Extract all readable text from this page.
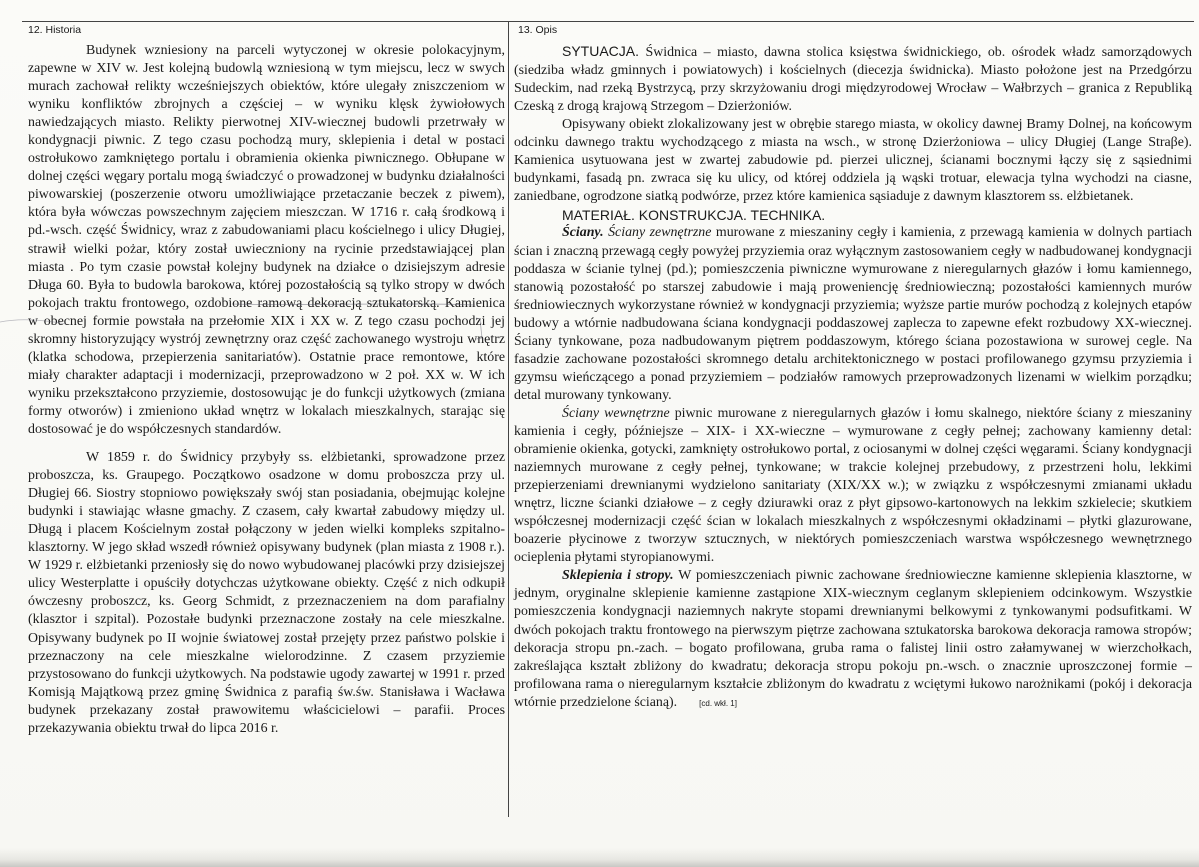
12. Historia

Budynek wzniesiony na parceli wytyczonej w okresie polokacyjnym, zapewne w XIV w. Jest kolejną budowlą wzniesioną w tym miejscu, lecz w swych murach zachował relikty wcześniejszych obiektów, które ulegały zniszczeniom w wyniku konfliktów zbrojnych a częściej – w wyniku klęsk żywiołowych nawiedzających miasto. Relikty pierwotnej XIV-wiecznej budowli przetrwały w kondygnacji piwnic. Z tego czasu pochodzą mury, sklepienia i detal w postaci ostrołukowo zamkniętego portalu i obramienia okienka piwnicznego. Obłupane w dolnej części węgary portalu mogą świadczyć o prowadzonej w budynku działalności piwowarskiej (poszerzenie otworu umożliwiające przetaczanie beczek z piwem), która była wówczas powszechnym zajęciem mieszczan. W 1716 r. całą środkową i pd.-wsch. część Świdnicy, wraz z zabudowaniami placu kościelnego i ulicy Długiej, strawił wielki pożar, który został uwieczniony na rycinie przedstawiającej plan miasta . Po tym czasie powstał kolejny budynek na działce o dzisiejszym adresie Długa 60. Była to budowla barokowa, której pozostałością są tylko stropy w dwóch pokojach traktu frontowego, ozdobione ramową dekoracją sztukatorską. Kamienica w obecnej formie powstała na przełomie XIX i XX w. Z tego czasu pochodzi jej skromny historyzujący wystrój zewnętrzny oraz część zachowanego wystroju wnętrz (klatka schodowa, przepierzenia sanitariatów). Ostatnie prace remontowe, które miały charakter adaptacji i modernizacji, przeprowadzono w 2 poł. XX w. W ich wyniku przekształcono przyziemie, dostosowując je do funkcji użytkowych (zmiana formy otworów) i zmieniono układ wnętrz w lokalach mieszkalnych, starając się dostosować je do współczesnych standardów.

W 1859 r. do Świdnicy przybyły ss. elżbietanki, sprowadzone przez proboszcza, ks. Graupego. Początkowo osadzone w domu proboszcza przy ul. Długiej 66. Siostry stopniowo powiększały swój stan posiadania, obejmując kolejne budynki i stawiając własne gmachy. Z czasem, cały kwartał zabudowy między ul. Długą i placem Kościelnym został połączony w jeden wielki kompleks szpitalno-klasztorny. W jego skład wszedł również opisywany budynek (plan miasta z 1908 r.). W 1929 r. elżbietanki przeniosły się do nowo wybudowanej placówki przy dzisiejszej ulicy Westerplatte i opuściły dotychczas użytkowane obiekty. Część z nich odkupił ówczesny proboszcz, ks. Georg Schmidt, z przeznaczeniem na dom parafialny (klasztor i szpital). Pozostałe budynki przeznaczone zostały na cele mieszkalne. Opisywany budynek po II wojnie światowej został przejęty przez państwo polskie i przeznaczony na cele mieszkalne wielorodzinne. Z czasem przyziemie przystosowano do funkcji użytkowych. Na podstawie ugody zawartej w 1991 r. przed Komisją Majątkową przez gminę Świdnica z parafią św.św. Stanisława i Wacława budynek przekazany został prawowitemu właścicielowi – parafii. Proces przekazywania obiektu trwał do lipca 2016 r.

13. Opis

SYTUACJA. Świdnica – miasto, dawna stolica księstwa świdnickiego, ob. ośrodek władz samorządowych (siedziba władz gminnych i powiatowych) i kościelnych (diecezja świdnicka). Miasto położone jest na Przedgórzu Sudeckim, nad rzeką Bystrzycą, przy skrzyżowaniu drogi międzyrodowej Wrocław – Wałbrzych – granica z Republiką Czeską z drogą krajową Strzegom – Dzierżoniów.

Opisywany obiekt zlokalizowany jest w obrębie starego miasta, w okolicy dawnej Bramy Dolnej, na końcowym odcinku dawnego traktu wychodzącego z miasta na wsch., w stronę Dzierżoniowa – ulicy Długiej (Lange Straβe). Kamienica usytuowana jest w zwartej zabudowie pd. pierzei ulicznej, ścianami bocznymi łączy się z sąsiednimi budynkami, fasadą pn. zwraca się ku ulicy, od której oddziela ją wąski trotuar, elewacja tylna wychodzi na ciasne, zaniedbane, ogrodzone siatką podwórze, przez które kamienica sąsiaduje z dawnym klasztorem ss. elżbietanek.

MATERIAŁ. KONSTRUKCJA. TECHNIKA.

Ściany. Ściany zewnętrzne murowane z mieszaniny cegły i kamienia, z przewagą kamienia w dolnych partiach ścian i znaczną przewagą cegły powyżej przyziemia oraz wyłącznym zastosowaniem cegły w nadbudowanej kondygnacji poddasza w ścianie tylnej (pd.); pomieszczenia piwniczne wymurowane z nieregularnych głazów i łomu kamiennego, stanowią pozostałość po starszej zabudowie i mają proweniencję średniowieczną; pozostałości kamiennych murów średniowiecznych wykorzystane również w kondygnacji przyziemia; wyższe partie murów pochodzą z kolejnych etapów budowy a wtórnie nadbudowana ściana kondygnacji poddaszowej zaplecza to zapewne efekt rozbudowy XX-wiecznej. Ściany tynkowane, poza nadbudowanym piętrem poddaszowym, którego ściana pozostawiona w surowej cegle. Na fasadzie zachowane pozostałości skromnego detalu architektonicznego w postaci profilowanego gzymsu przyziemia i gzymsu wieńczącego a ponad przyziemiem – podziałów ramowych przeprowadzonych lizenami w wielkim porządku; detal murowany tynkowany.

Ściany wewnętrzne piwnic murowane z nieregularnych głazów i łomu skalnego, niektóre ściany z mieszaniny kamienia i cegły, późniejsze – XIX- i XX-wieczne – wymurowane z cegły pełnej; zachowany kamienny detal: obramienie okienka, gotycki, zamknięty ostrołukowo portal, z ociosanymi w dolnej części węgarami. Ściany kondygnacji naziemnych murowane z cegły pełnej, tynkowane; w trakcie kolejnej przebudowy, z przestrzeni holu, lekkimi przepierzeniami drewnianymi wydzielono sanitariaty (XIX/XX w.); w związku z współczesnymi zmianami układu wnętrz, liczne ścianki działowe – z cegły dziurawki oraz z płyt gipsowo-kartonowych na lekkim szkielecie; skutkiem współczesnej modernizacji część ścian w lokalach mieszkalnych z współczesnymi okładzinami – płytki glazurowane, boazerie płycinowe z tworzyw sztucznych, w niektórych pomieszczeniach warstwa współczesnego wewnętrznego ocieplenia płytami styropianowymi.

Sklepienia i stropy. W pomieszczeniach piwnic zachowane średniowieczne kamienne sklepienia klasztorne, w jednym, oryginalne sklepienie kamienne zastąpione XIX-wiecznym ceglanym sklepieniem odcinkowym. Wszystkie pomieszczenia kondygnacji naziemnych nakryte stopami drewnianymi belkowymi z tynkowanymi podsufitkami. W dwóch pokojach traktu frontowego na pierwszym piętrze zachowana sztukatorska barokowa dekoracja ramowa stropów; dekoracja stropu pn.-zach. – bogato profilowana, gruba rama o falistej linii ostro załamywanej w wierzchołkach, zakreślająca kształt zbliżony do kwadratu; dekoracja stropu pokoju pn.-wsch. o znacznie uproszczonej formie – profilowana rama o nieregularnym kształcie zbliżonym do kwadratu z wciętymi łukowo narożnikami (pokój i dekoracja wtórnie przedzielone ścianą).	[cd. wkł. 1]
